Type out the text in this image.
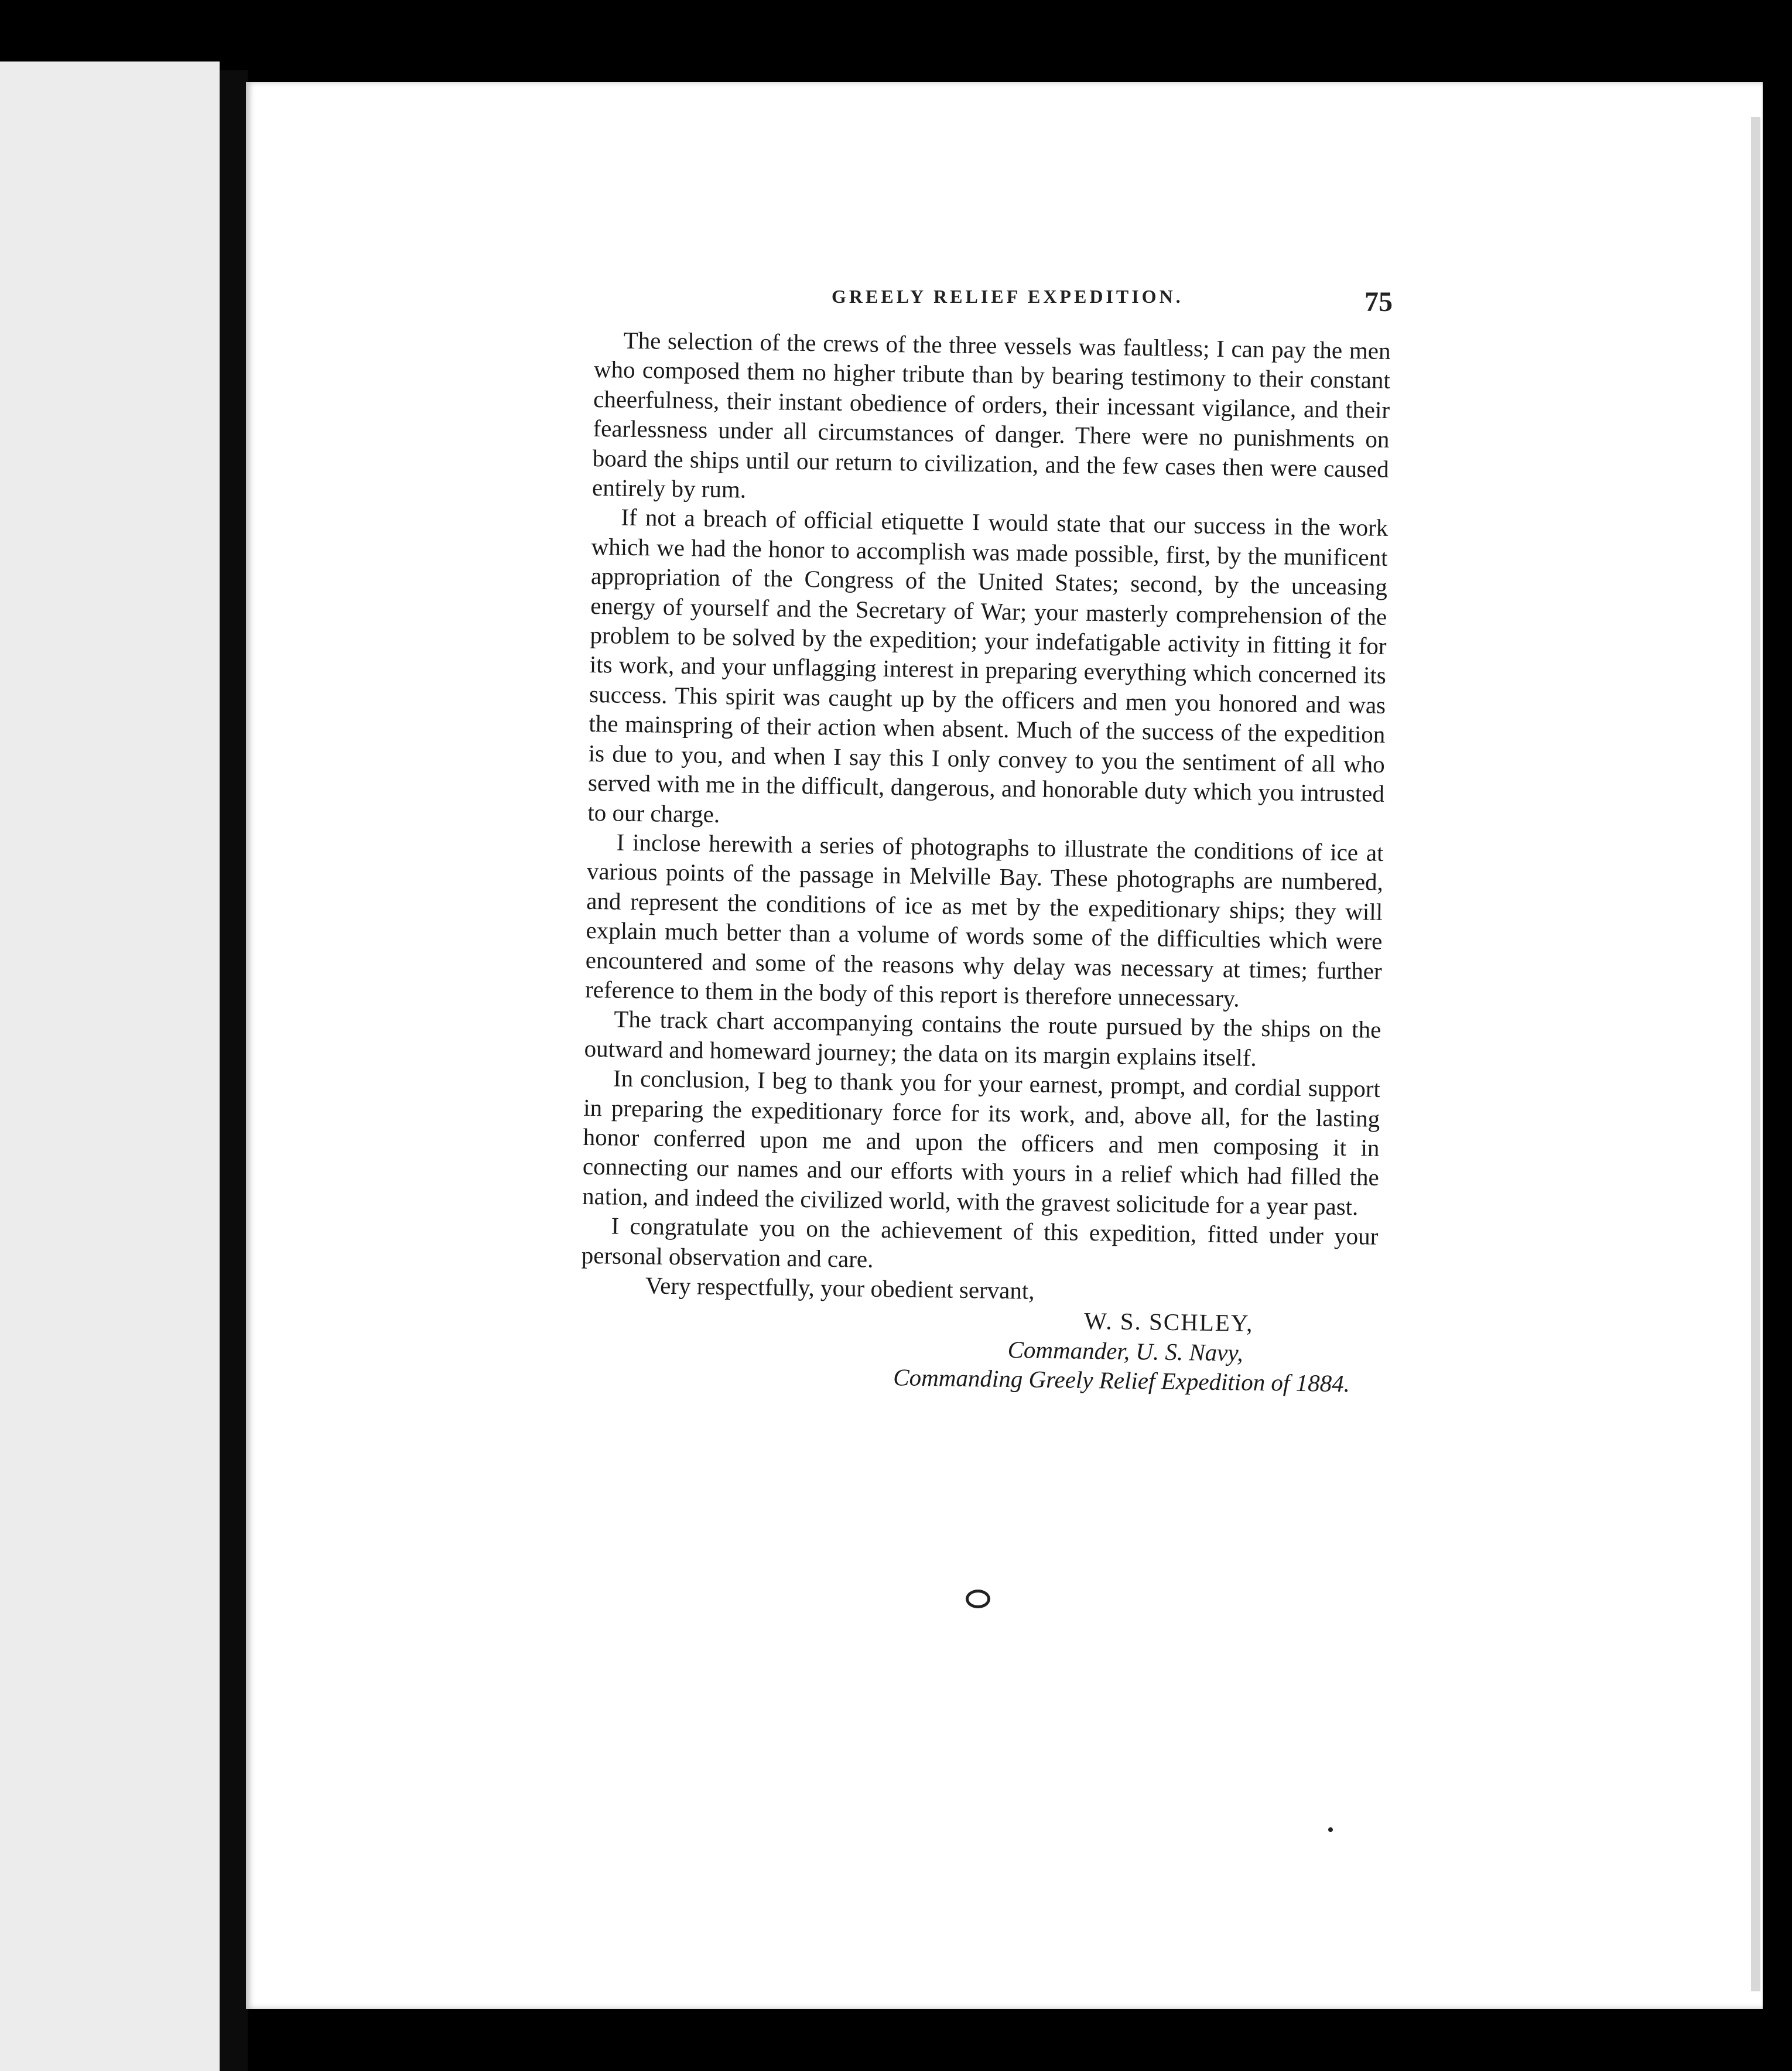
GREELY RELIEF EXPEDITION.	75

The selection of the crews of the three vessels was faultless; I can pay the men who composed them no higher tribute than by bearing testimony to their constant cheerfulness, their instant obedience of orders, their incessant vigilance, and their fearlessness under all circumstances of danger. There were no punishments on board the ships until our return to civilization, and the few cases then were caused entirely by rum.

If not a breach of official etiquette I would state that our success in the work which we had the honor to accomplish was made possible, first, by the munificent appropriation of the Congress of the United States; second, by the unceasing energy of yourself and the Secretary of War; your masterly comprehension of the problem to be solved by the expedition; your indefatigable activity in fitting it for its work, and your unflagging interest in preparing everything which concerned its success. This spirit was caught up by the officers and men you honored and was the mainspring of their action when absent. Much of the success of the expedition is due to you, and when I say this I only convey to you the sentiment of all who served with me in the difficult, dangerous, and honorable duty which you intrusted to our charge.

I inclose herewith a series of photographs to illustrate the conditions of ice at various points of the passage in Melville Bay. These photographs are numbered, and represent the conditions of ice as met by the expeditionary ships; they will explain much better than a volume of words some of the difficulties which were encountered and some of the reasons why delay was necessary at times; further reference to them in the body of this report is therefore unnecessary.

The track chart accompanying contains the route pursued by the ships on the outward and homeward journey; the data on its margin explains itself.

In conclusion, I beg to thank you for your earnest, prompt, and cordial support in preparing the expeditionary force for its work, and, above all, for the lasting honor conferred upon me and upon the officers and men composing it in connecting our names and our efforts with yours in a relief which had filled the nation, and indeed the civilized world, with the gravest solicitude for a year past.

I congratulate you on the achievement of this expedition, fitted under your personal observation and care.

Very respectfully, your obedient servant,

W. S. SCHLEY,

Commander, U. S. Navy,

Commanding Greely Relief Expedition of 1884.
